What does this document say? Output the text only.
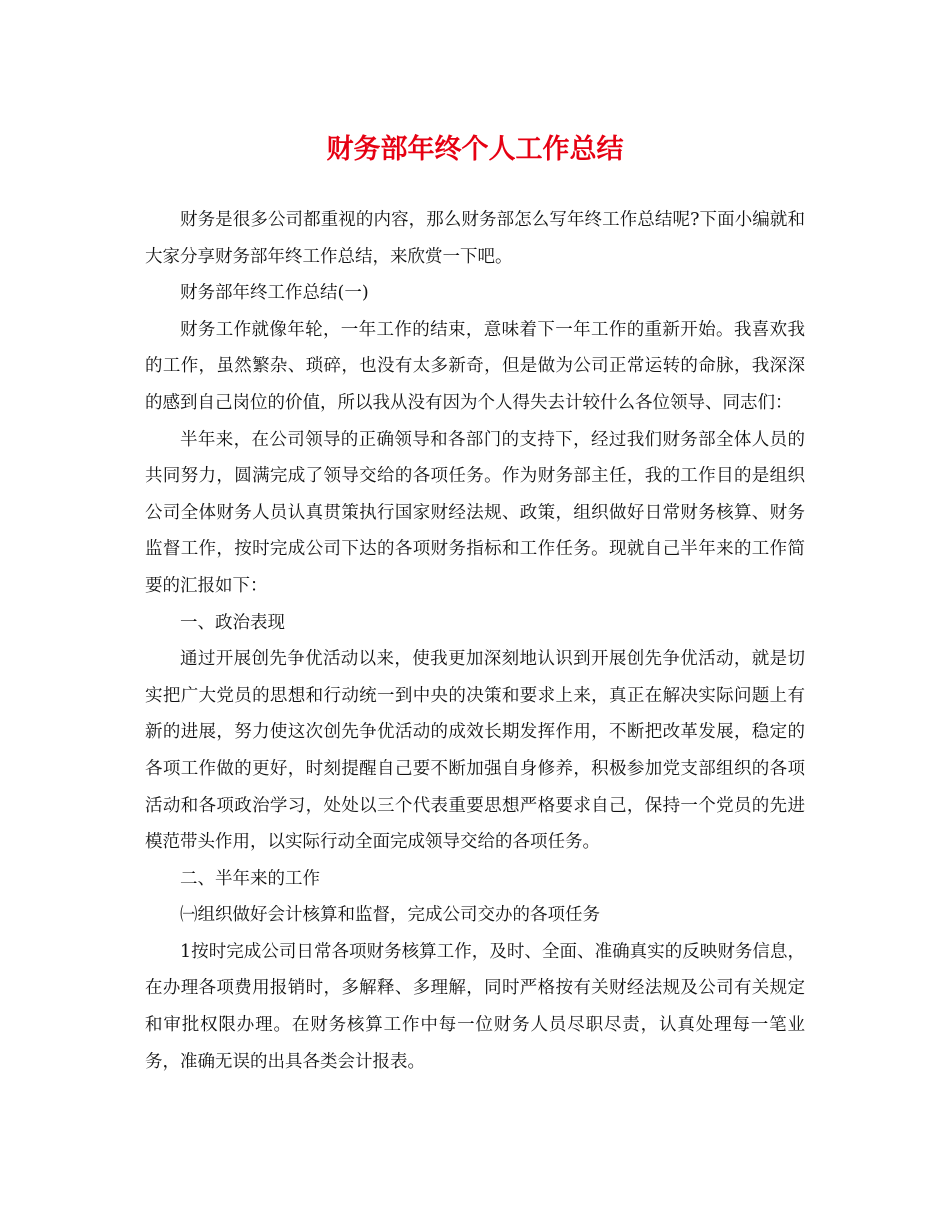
财务部年终个人工作总结

财务是很多公司都重视的内容，那么财务部怎么写年终工作总结呢?下面小编就和大家分享财务部年终工作总结，来欣赏一下吧。

财务部年终工作总结(一)

财务工作就像年轮，一年工作的结束，意味着下一年工作的重新开始。我喜欢我的工作，虽然繁杂、琐碎，也没有太多新奇，但是做为公司正常运转的命脉，我深深的感到自己岗位的价值，所以我从没有因为个人得失去计较什么各位领导、同志们：

半年来，在公司领导的正确领导和各部门的支持下，经过我们财务部全体人员的共同努力，圆满完成了领导交给的各项任务。作为财务部主任，我的工作目的是组织公司全体财务人员认真贯策执行国家财经法规、政策，组织做好日常财务核算、财务监督工作，按时完成公司下达的各项财务指标和工作任务。现就自己半年来的工作简要的汇报如下：

一、政治表现

通过开展创先争优活动以来，使我更加深刻地认识到开展创先争优活动，就是切实把广大党员的思想和行动统一到中央的决策和要求上来，真正在解决实际问题上有新的进展，努力使这次创先争优活动的成效长期发挥作用，不断把改革发展，稳定的各项工作做的更好，时刻提醒自己要不断加强自身修养，积极参加党支部组织的各项活动和各项政治学习，处处以三个代表重要思想严格要求自己，保持一个党员的先进模范带头作用，以实际行动全面完成领导交给的各项任务。

二、半年来的工作

㈠组织做好会计核算和监督，完成公司交办的各项任务

1按时完成公司日常各项财务核算工作，及时、全面、准确真实的反映财务信息，在办理各项费用报销时，多解释、多理解，同时严格按有关财经法规及公司有关规定和审批权限办理。在财务核算工作中每一位财务人员尽职尽责，认真处理每一笔业务，准确无误的出具各类会计报表。
